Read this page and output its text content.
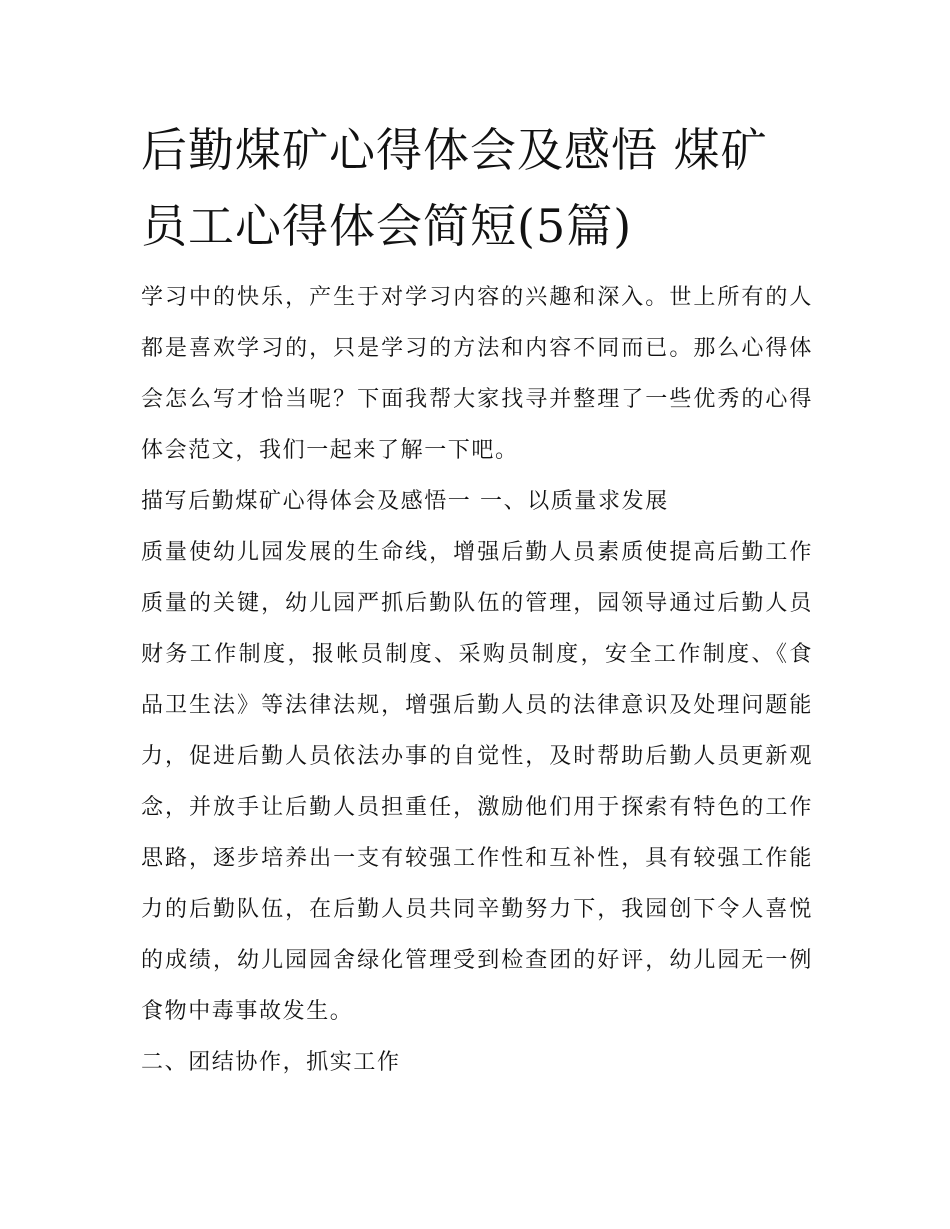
后勤煤矿心得体会及感悟 煤矿员工心得体会简短(5篇)

学习中的快乐，产生于对学习内容的兴趣和深入。世上所有的人都是喜欢学习的，只是学习的方法和内容不同而已。那么心得体会怎么写才恰当呢？下面我帮大家找寻并整理了一些优秀的心得体会范文，我们一起来了解一下吧。

描写后勤煤矿心得体会及感悟一 一、以质量求发展

质量使幼儿园发展的生命线，增强后勤人员素质使提高后勤工作质量的关键，幼儿园严抓后勤队伍的管理，园领导通过后勤人员财务工作制度，报帐员制度、采购员制度，安全工作制度、《食品卫生法》等法律法规，增强后勤人员的法律意识及处理问题能力，促进后勤人员依法办事的自觉性，及时帮助后勤人员更新观念，并放手让后勤人员担重任，激励他们用于探索有特色的工作思路，逐步培养出一支有较强工作性和互补性，具有较强工作能力的后勤队伍，在后勤人员共同辛勤努力下，我园创下令人喜悦的成绩，幼儿园园舍绿化管理受到检查团的好评，幼儿园无一例食物中毒事故发生。

二、团结协作，抓实工作
